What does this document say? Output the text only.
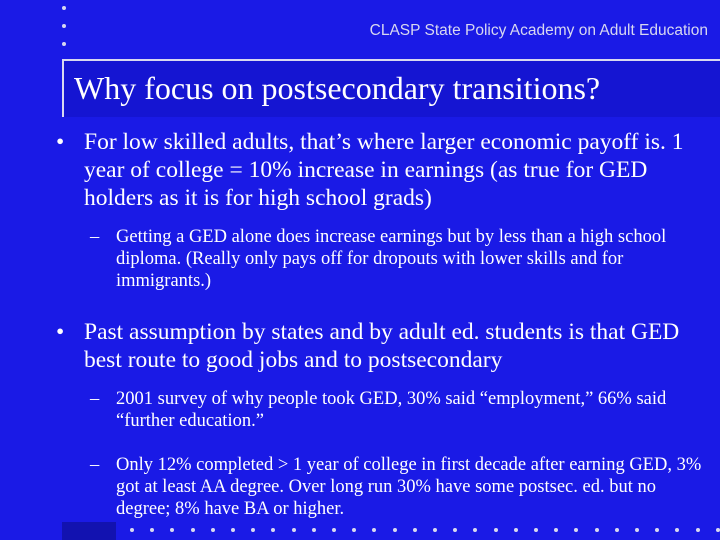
CLASP State Policy Academy on Adult Education
Why focus on postsecondary transitions?
• For low skilled adults, that’s where larger economic payoff is. 1 year of college = 10% increase in earnings (as true for GED holders as it is for high school grads)
– Getting a GED alone does increase earnings but by less than a high school diploma. (Really only pays off for dropouts with lower skills and for immigrants.)
• Past assumption by states and by adult ed. students is that GED best route to good jobs and to postsecondary
– 2001 survey of why people took GED, 30% said “employment,” 66% said “further education.”
– Only 12% completed > 1 year of college in first decade after earning GED, 3% got at least AA degree. Over long run 30% have some postsec. ed. but no degree; 8% have BA or higher.
